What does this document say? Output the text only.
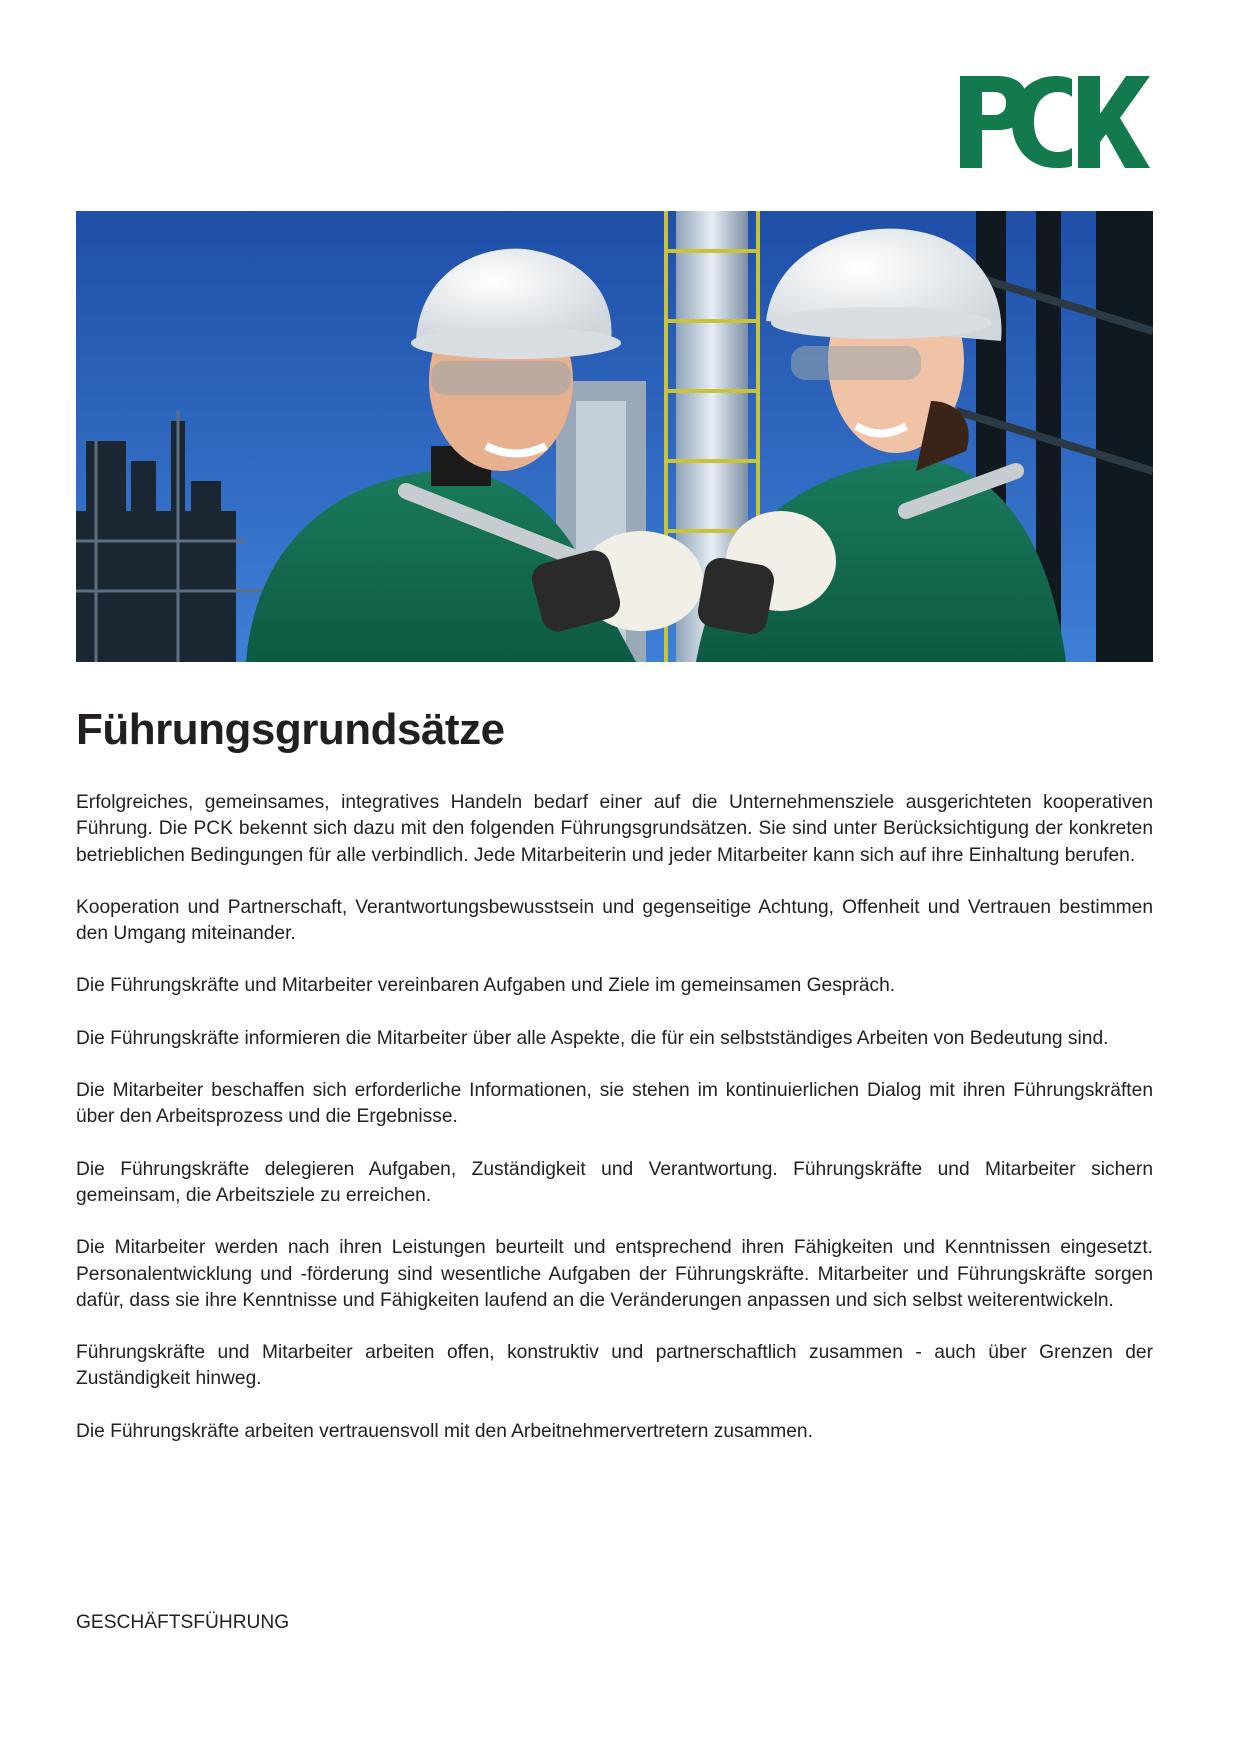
Führungsgrundsätze

Erfolgreiches, gemeinsames, integratives Handeln bedarf einer auf die Unternehmensziele ausgerichteten kooperativen Führung. Die PCK bekennt sich dazu mit den folgenden Führungsgrundsätzen. Sie sind unter Berücksichtigung der konkreten betrieblichen Bedingungen für alle verbindlich. Jede Mitarbeiterin und jeder Mitarbeiter kann sich auf ihre Einhaltung berufen.

Kooperation und Partnerschaft, Verantwortungsbewusstsein und gegenseitige Achtung, Offenheit und Vertrauen bestimmen den Umgang miteinander.

Die Führungskräfte und Mitarbeiter vereinbaren Aufgaben und Ziele im gemeinsamen Gespräch.

Die Führungskräfte informieren die Mitarbeiter über alle Aspekte, die für ein selbstständiges Arbeiten von Bedeutung sind.

Die Mitarbeiter beschaffen sich erforderliche Informationen, sie stehen im kontinuierlichen Dialog mit ihren Führungskräften über den Arbeitsprozess und die Ergebnisse.

Die Führungskräfte delegieren Aufgaben, Zuständigkeit und Verantwortung. Führungskräfte und Mitarbeiter sichern gemeinsam, die Arbeitsziele zu erreichen.

Die Mitarbeiter werden nach ihren Leistungen beurteilt und entsprechend ihren Fähigkeiten und Kenntnissen eingesetzt. Personalentwicklung und -förderung sind wesentliche Aufgaben der Führungskräfte. Mitarbeiter und Führungskräfte sorgen dafür, dass sie ihre Kenntnisse und Fähigkeiten laufend an die Veränderungen anpassen und sich selbst weiterentwickeln.

Führungskräfte und Mitarbeiter arbeiten offen, konstruktiv und partnerschaftlich zusammen - auch über Grenzen der Zuständigkeit hinweg.

Die Führungskräfte arbeiten vertrauensvoll mit den Arbeitnehmervertretern zusammen.

GESCHÄFTSFÜHRUNG
